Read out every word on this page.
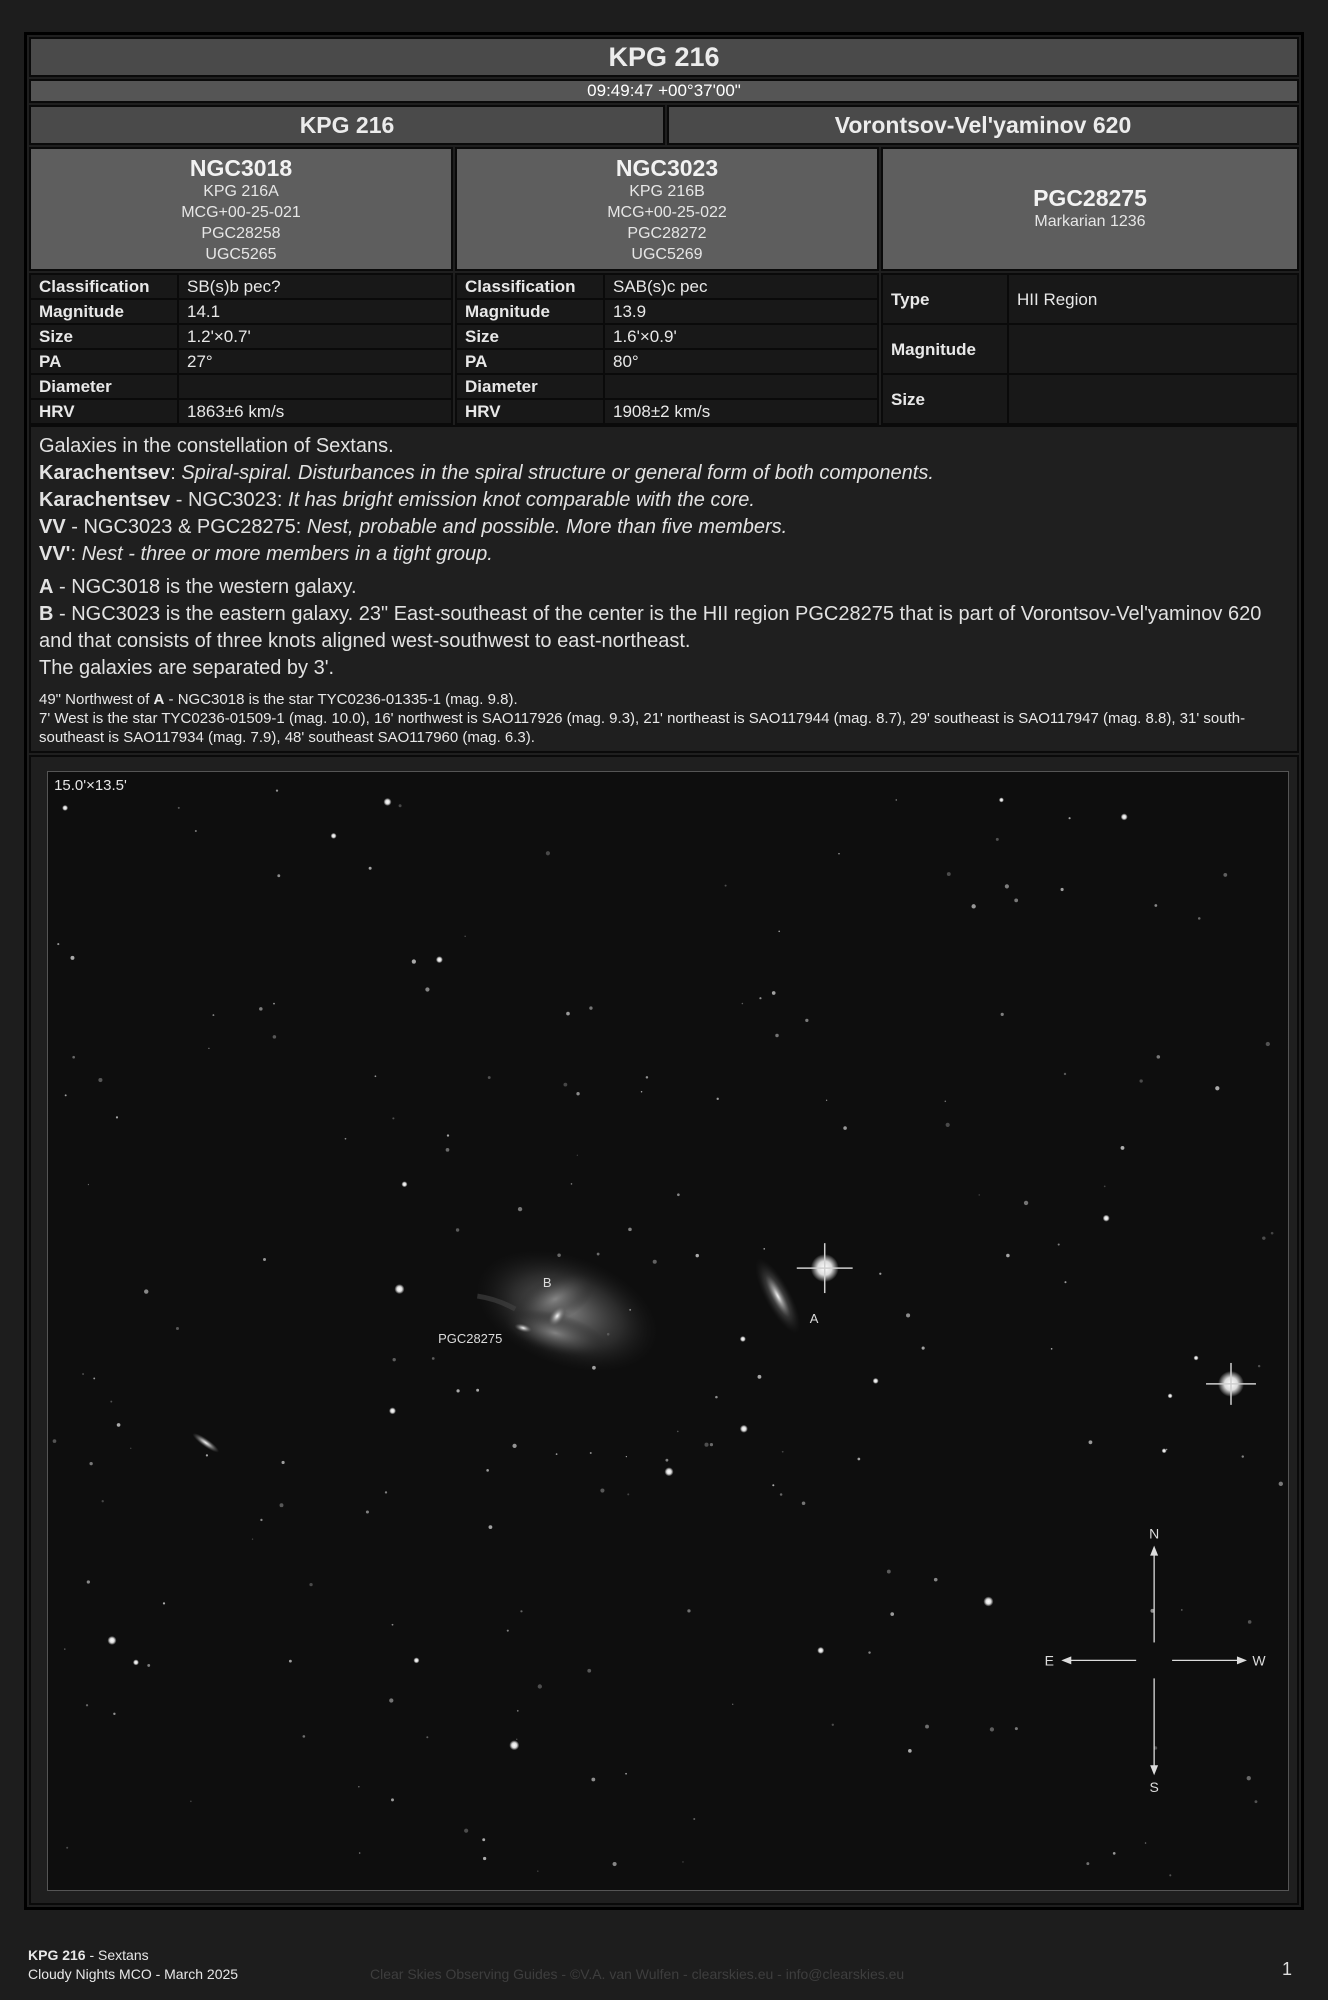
KPG 216
09:49:47 +00°37'00"
KPG 216	Vorontsov-Vel'yaminov 620
NGC3018
KPG 216A
MCG+00-25-021
PGC28258
UGC5265
NGC3023
KPG 216B
MCG+00-25-022
PGC28272
UGC5269
PGC28275
Markarian 1236
Classification	SB(s)b pec?
Magnitude	14.1
Size	1.2'×0.7'
PA	27°
Diameter	
HRV	1863±6 km/s
Classification	SAB(s)c pec
Magnitude	13.9
Size	1.6'×0.9'
PA	80°
Diameter	
HRV	1908±2 km/s
Type	HII Region
Magnitude	
Size	

Galaxies in the constellation of Sextans.

Karachentsev: Spiral-spiral. Disturbances in the spiral structure or general form of both components.

Karachentsev - NGC3023: It has bright emission knot comparable with the core.

VV - NGC3023 & PGC28275: Nest, probable and possible. More than five members.

VV': Nest - three or more members in a tight group.

A - NGC3018 is the western galaxy.

B - NGC3023 is the eastern galaxy. 23" East-southeast of the center is the HII region PGC28275 that is part of Vorontsov-Vel'yaminov 620 and that consists of three knots aligned west-southwest to east-northeast.

The galaxies are separated by 3'.

49" Northwest of A - NGC3018 is the star TYC0236-01335-1 (mag. 9.8).

7' West is the star TYC0236-01509-1 (mag. 10.0), 16' northwest is SAO117926 (mag. 9.3), 21' northeast is SAO117944 (mag. 8.7), 29' southeast is SAO117947 (mag. 8.8), 31' south-southeast is SAO117934 (mag. 7.9), 48' southeast SAO117960 (mag. 6.3).

15.0'×13.5'
B
A
PGC28275
N
S
E	W
KPG 216 - Sextans
Cloudy Nights MCO - March 2025	Clear Skies Observing Guides - ©V.A. van Wulfen - clearskies.eu - info@clearskies.eu	1
